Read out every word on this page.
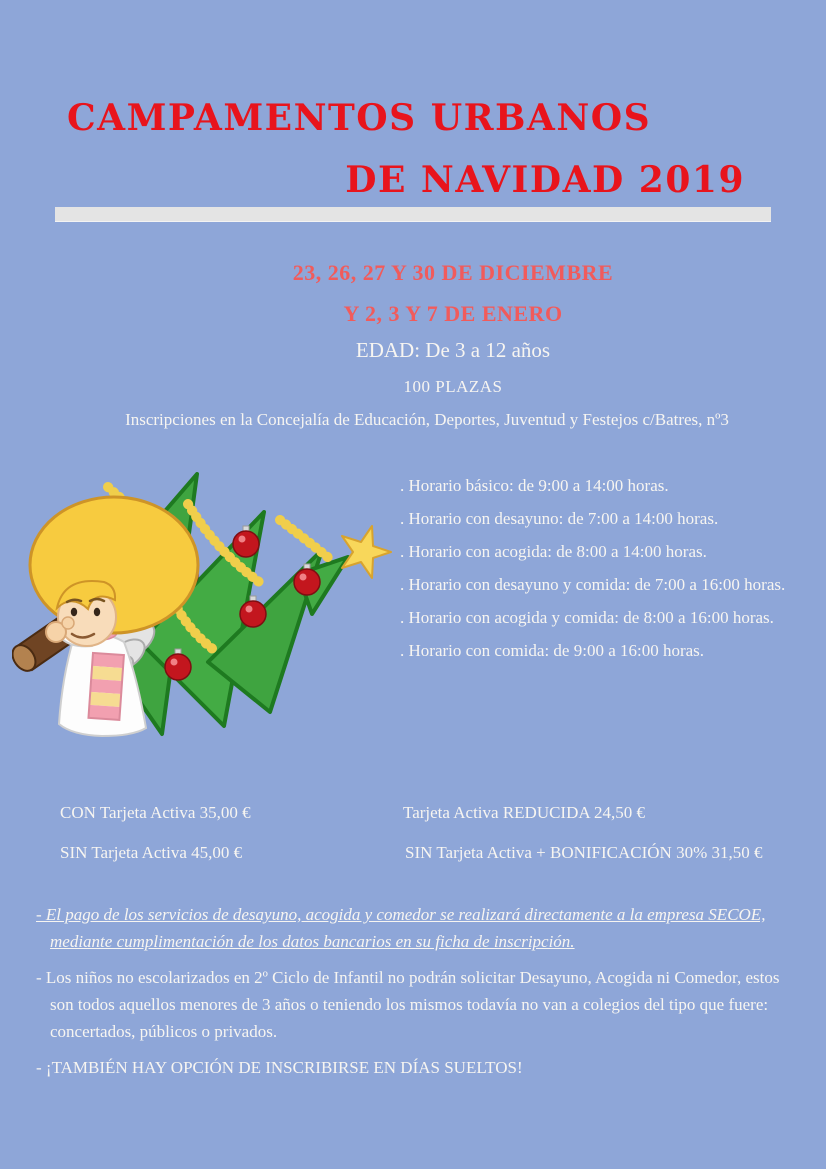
CAMPAMENTOS URBANOS
DE NAVIDAD 2019
23, 26, 27 Y 30 DE DICIEMBRE
Y 2, 3 Y 7 DE ENERO
EDAD: De 3 a 12 años
100 PLAZAS
Inscripciones en la Concejalía de Educación, Deportes, Juventud y Festejos c/Batres, nº3
. Horario básico: de 9:00 a 14:00 horas.
. Horario con desayuno: de 7:00 a 14:00 horas.
. Horario con acogida: de 8:00 a 14:00 horas.
. Horario con desayuno y comida: de 7:00 a 16:00 horas.
. Horario con acogida y comida: de 8:00 a 16:00 horas.
. Horario con comida: de 9:00 a 16:00 horas.
CON Tarjeta Activa 35,00 €	Tarjeta Activa REDUCIDA 24,50 €
SIN Tarjeta Activa 45,00 €	SIN Tarjeta Activa + BONIFICACIÓN 30% 31,50 €

- El pago de los servicios de desayuno, acogida y comedor se realizará directamente a la empresa SECOE, mediante cumplimentación de los datos bancarios en su ficha de inscripción.

- Los niños no escolarizados en 2º Ciclo de Infantil no podrán solicitar Desayuno, Acogida ni Comedor, estos son todos aquellos menores de 3 años o teniendo los mismos todavía no van a colegios del tipo que fuere: concertados, públicos o privados.

- ¡TAMBIÉN HAY OPCIÓN DE INSCRIBIRSE EN DÍAS SUELTOS!
